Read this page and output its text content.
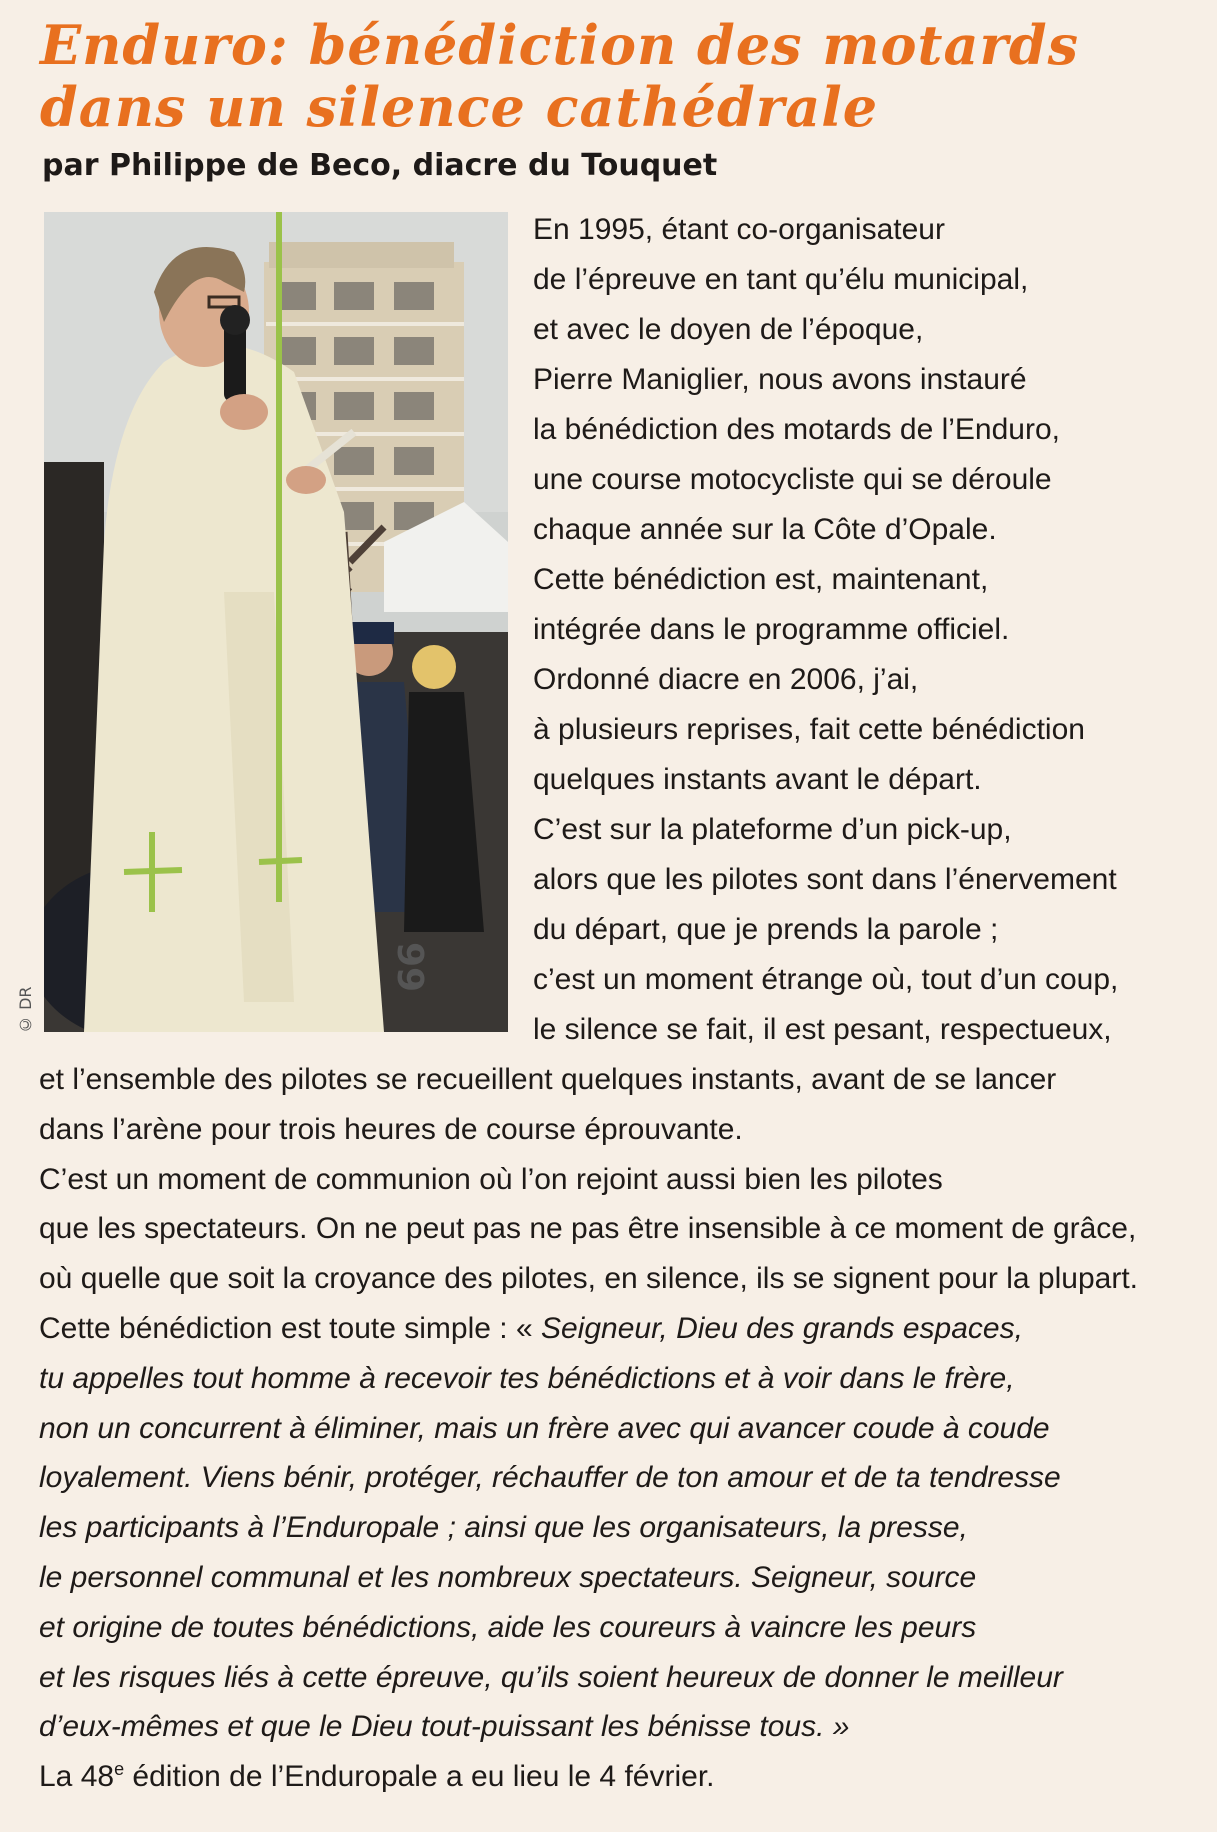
Enduro: bénédiction des motards
dans un silence cathédrale
par Philippe de Beco, diacre du Touquet
66
© DR
En 1995, étant co-organisateur
de l’épreuve en tant qu’élu municipal,
et avec le doyen de l’époque,
Pierre Maniglier, nous avons instauré
la bénédiction des motards de l’Enduro,
une course motocycliste qui se déroule
chaque année sur la Côte d’Opale.
Cette bénédiction est, maintenant,
intégrée dans le programme officiel.
Ordonné diacre en 2006, j’ai,
à plusieurs reprises, fait cette bénédiction
quelques instants avant le départ.
C’est sur la plateforme d’un pick-up,
alors que les pilotes sont dans l’énervement
du départ, que je prends la parole ;
c’est un moment étrange où, tout d’un coup,
le silence se fait, il est pesant, respectueux,
et l’ensemble des pilotes se recueillent quelques instants, avant de se lancer
dans l’arène pour trois heures de course éprouvante.
C’est un moment de communion où l’on rejoint aussi bien les pilotes
que les spectateurs. On ne peut pas ne pas être insensible à ce moment de grâce,
où quelle que soit la croyance des pilotes, en silence, ils se signent pour la plupart.
Cette bénédiction est toute simple : « Seigneur, Dieu des grands espaces,
tu appelles tout homme à recevoir tes bénédictions et à voir dans le frère,
non un concurrent à éliminer, mais un frère avec qui avancer coude à coude
loyalement. Viens bénir, protéger, réchauffer de ton amour et de ta tendresse
les participants à l’Enduropale ; ainsi que les organisateurs, la presse,
le personnel communal et les nombreux spectateurs. Seigneur, source
et origine de toutes bénédictions, aide les coureurs à vaincre les peurs
et les risques liés à cette épreuve, qu’ils soient heureux de donner le meilleur
d’eux-mêmes et que le Dieu tout-puissant les bénisse tous. »
La 48e édition de l’Enduropale a eu lieu le 4 février.
